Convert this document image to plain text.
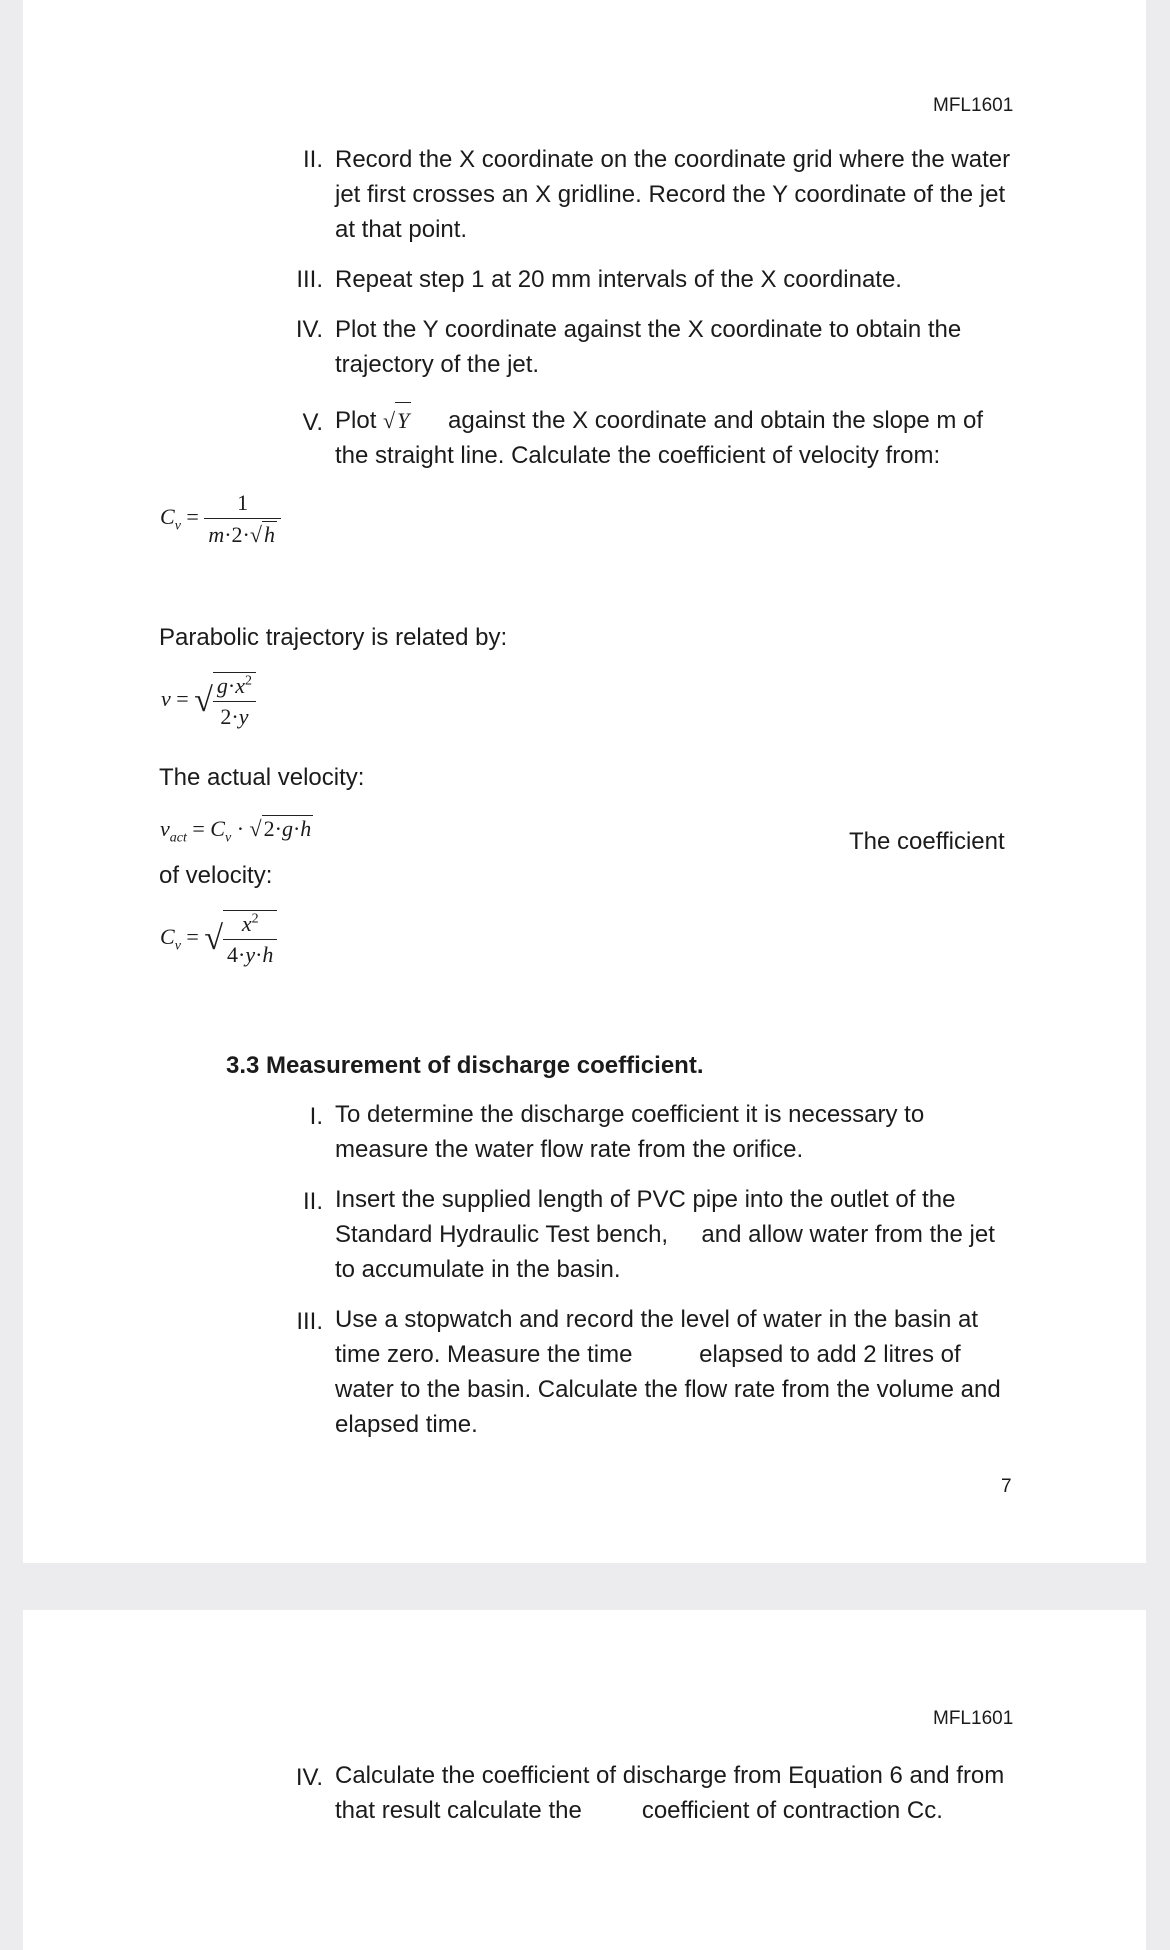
MFL1601
II. Record the X coordinate on the coordinate grid where the water jet first crosses an X gridline. Record the Y coordinate of the jet at that point.
III. Repeat step 1 at 20 mm intervals of the X coordinate.
IV. Plot the Y coordinate against the X coordinate to obtain the trajectory of the jet.
V. Plot √Y against the X coordinate and obtain the slope m of the straight line. Calculate the coefficient of velocity from:
$C_v = \frac{1}{m\cdot 2\cdot√h}$
Parabolic trajectory is related by:
v = √ $\frac{g\cdot x^2}{2\cdot y}$
The actual velocity:
$v_{act} = C_v \cdot √2\cdot g\cdot h$	The coefficient
of velocity:
$C_v$ = √ $\frac{x^2}{4\cdot y\cdot h}$
3.3 Measurement of discharge coefficient.
I. To determine the discharge coefficient it is necessary to measure the water flow rate from the orifice.
II. Insert the supplied length of PVC pipe into the outlet of the Standard Hydraulic Test bench,     and allow water from the jet to accumulate in the basin.
III. Use a stopwatch and record the level of water in the basin at time zero. Measure the time          elapsed to add 2 litres of water to the basin. Calculate the flow rate from the volume and elapsed time.
7
MFL1601
IV. Calculate the coefficient of discharge from Equation 6 and from that result calculate the         coefficient of contraction Cc.
